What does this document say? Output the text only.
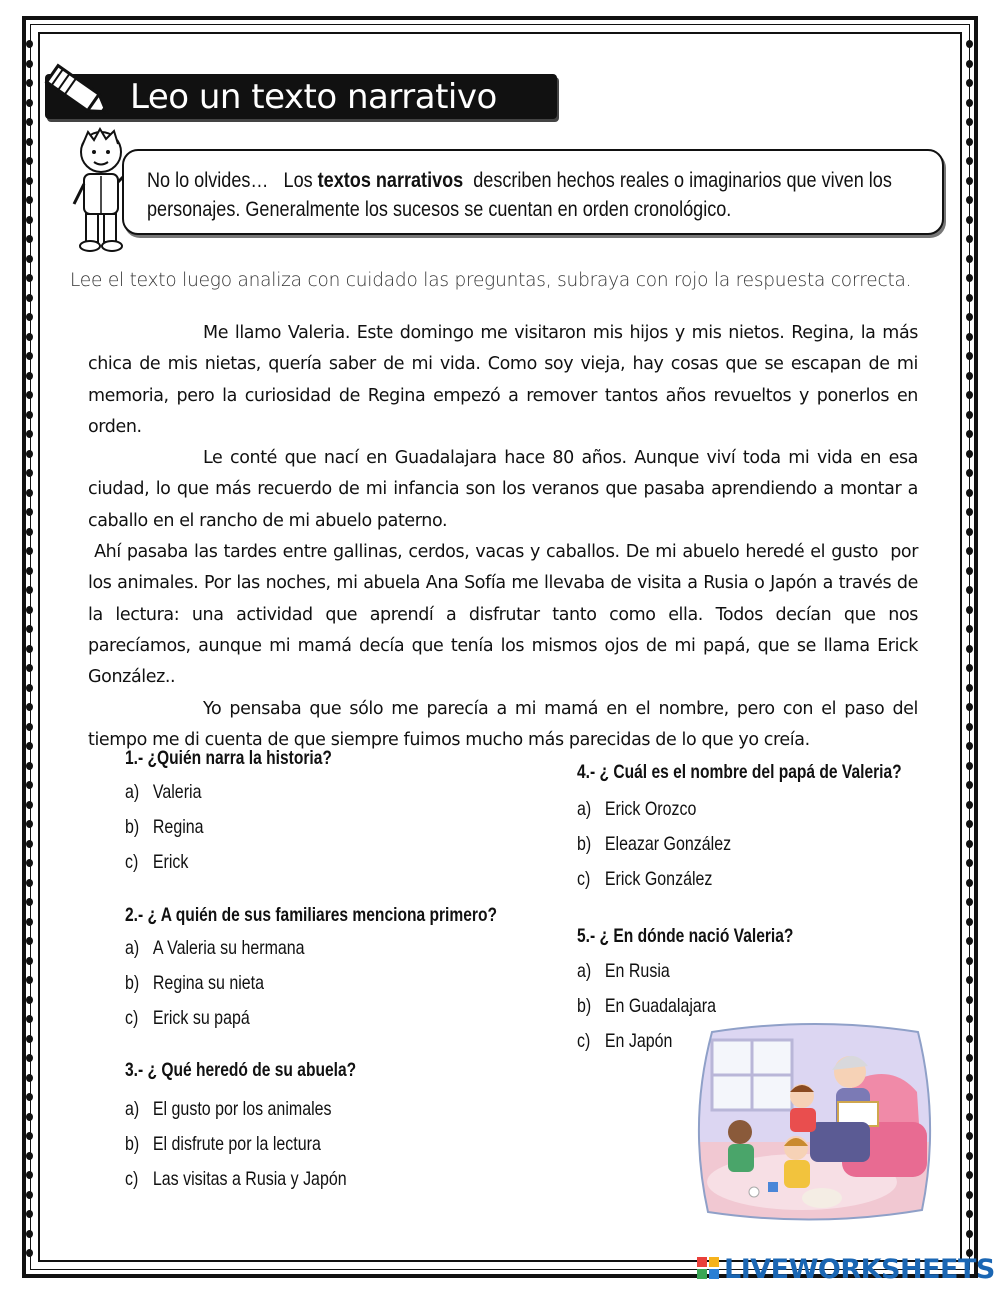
Leo un texto narrativo
No lo olvides… Los textos narrativos describen hechos reales o imaginarios que viven los
personajes. Generalmente los sucesos se cuentan en orden cronológico.
Lee el texto luego analiza con cuidado las preguntas, subraya con rojo la respuesta correcta.

Me llamo Valeria. Este domingo me visitaron mis hijos y mis nietos. Regina, la más chica de mis nietas, quería saber de mi vida. Como soy vieja, hay cosas que se escapan de mi memoria, pero la curiosidad de Regina empezó a remover tantos años revueltos y ponerlos en orden.

Le conté que nací en Guadalajara hace 80 años. Aunque viví toda mi vida en esa ciudad, lo que más recuerdo de mi infancia son los veranos que pasaba aprendiendo a montar a caballo en el rancho de mi abuelo paterno.

Ahí pasaba las tardes entre gallinas, cerdos, vacas y caballos. De mi abuelo heredé el gusto  por los animales. Por las noches, mi abuela Ana Sofía me llevaba de visita a Rusia o Japón a través de la lectura: una actividad que aprendí a disfrutar tanto como ella. Todos decían que nos parecíamos, aunque mi mamá decía que tenía los mismos ojos de mi papá, que se llama Erick González..

Yo pensaba que sólo me parecía a mi mamá en el nombre, pero con el paso del tiempo me di cuenta de que siempre fuimos mucho más parecidas de lo que yo creía.

1.- ¿Quién narra la historia?
a) Valeria
b) Regina
c) Erick
2.- ¿ A quién de sus familiares menciona primero?
a) A Valeria su hermana
b) Regina su nieta
c) Erick su papá
3.- ¿ Qué heredó de su abuela?
a) El gusto por los animales
b) El disfrute por la lectura
c) Las visitas a Rusia y Japón
4.- ¿ Cuál es el nombre del papá de Valeria?
a) Erick Orozco
b) Eleazar González
c) Erick González
5.- ¿ En dónde nació Valeria?
a) En Rusia
b) En Guadalajara
c) En Japón
LIVEWORKSHEETS
